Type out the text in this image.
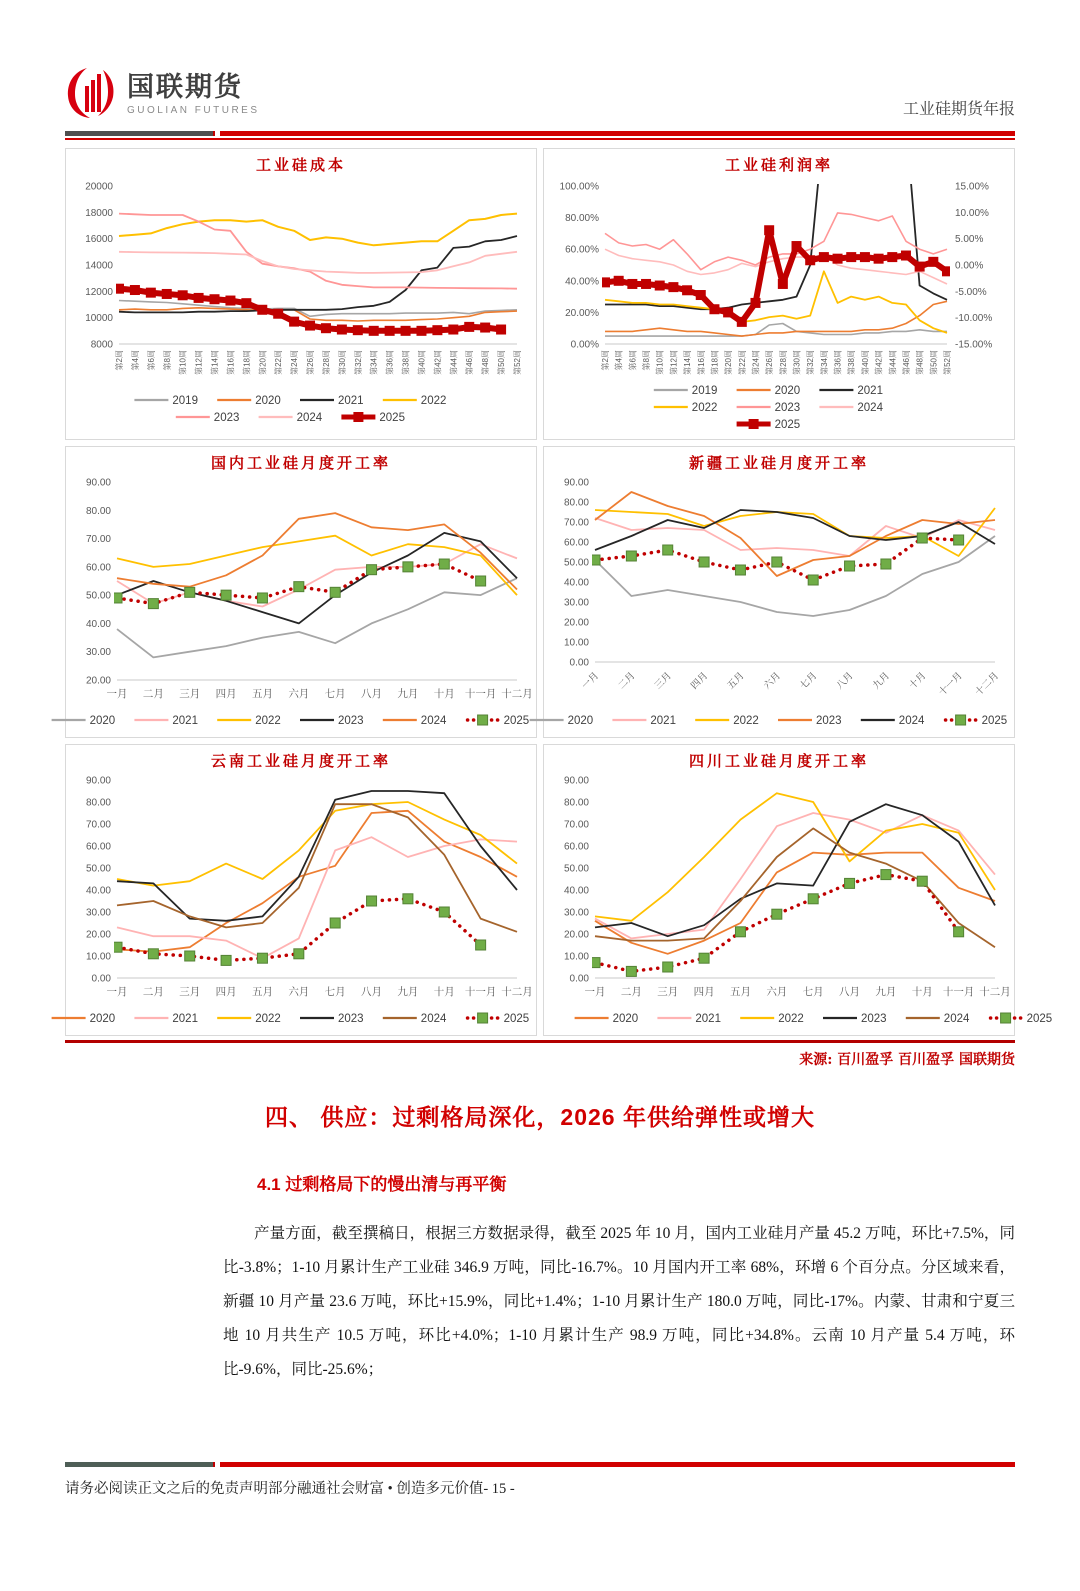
国联期货
GUOLIAN FUTURES	工业硅期货年报
工业硅成本
20000
18000
16000
14000
12000
10000
8000
第2周 第4周 第6周 第8周 第10周 第12周 第14周 第16周 第18周 第20周 第22周 第24周 第26周 第28周 第30周 第32周 第34周 第36周 第38周 第40周 第42周 第44周 第46周 第48周 第50周 第52周
2019	2020	2021	2022
2023	2024	2025
工业硅利润率
100.00%
80.00%
60.00%
40.00%
20.00%
0.00%
15.00%
10.00%
5.00%
0.00%
-5.00%
-10.00%
-15.00%
第2周 第4周 第6周 第8周 第10周 第12周 第14周 第16周 第18周 第20周 第22周 第24周 第26周 第28周 第30周 第32周 第34周 第36周 第38周 第40周 第42周 第44周 第46周 第48周 第50周 第52周
2019	2020	2021
2022	2023	2024
2025
国内工业硅月度开工率
90.00
80.00
70.00
60.00
50.00
40.00
30.00
20.00
一月 二月 三月 四月 五月 六月 七月 八月 九月 十月 十一月 十二月
2020	2021	2022	2023	2024	2025
新疆工业硅月度开工率
90.00
80.00
70.00
60.00
50.00
40.00
30.00
20.00
10.00
0.00
一月 二月 三月 四月 五月 六月 七月 八月 九月 十月 十一月 十二月
2020	2021	2022	2023	2024	2025
云南工业硅月度开工率
90.00
80.00
70.00
60.00
50.00
40.00
30.00
20.00
10.00
0.00
一月 二月 三月 四月 五月 六月 七月 八月 九月 十月 十一月 十二月
2020	2021	2022	2023	2024	2025
四川工业硅月度开工率
90.00
80.00
70.00
60.00
50.00
40.00
30.00
20.00
10.00
0.00
一月 二月 三月 四月 五月 六月 七月 八月 九月 十月 十一月 十二月
2020	2021	2022	2023	2024	2025
来源: 百川盈孚 百川盈孚 国联期货
四、 供应：过剩格局深化，2026 年供给弹性或增大
4.1 过剩格局下的慢出清与再平衡
产量方面，截至撰稿日，根据三方数据录得，截至 2025 年 10 月，国内工业硅月产量 45.2 万吨，环比+7.5%，同比-3.8%；1-10 月累计生产工业硅 346.9 万吨，同比-16.7%。10 月国内开工率 68%，环增 6 个百分点。分区域来看，新疆 10 月产量 23.6 万吨，环比+15.9%，同比+1.4%；1-10 月累计生产 180.0 万吨，同比-17%。内蒙、甘肃和宁夏三地 10 月共生产 10.5 万吨，环比+4.0%；1-10 月累计生产 98.9 万吨，同比+34.8%。云南 10 月产量 5.4 万吨，环比-9.6%，同比-25.6%；
请务必阅读正文之后的免责声明部分融通社会财富 • 创造多元价值- 15 -
